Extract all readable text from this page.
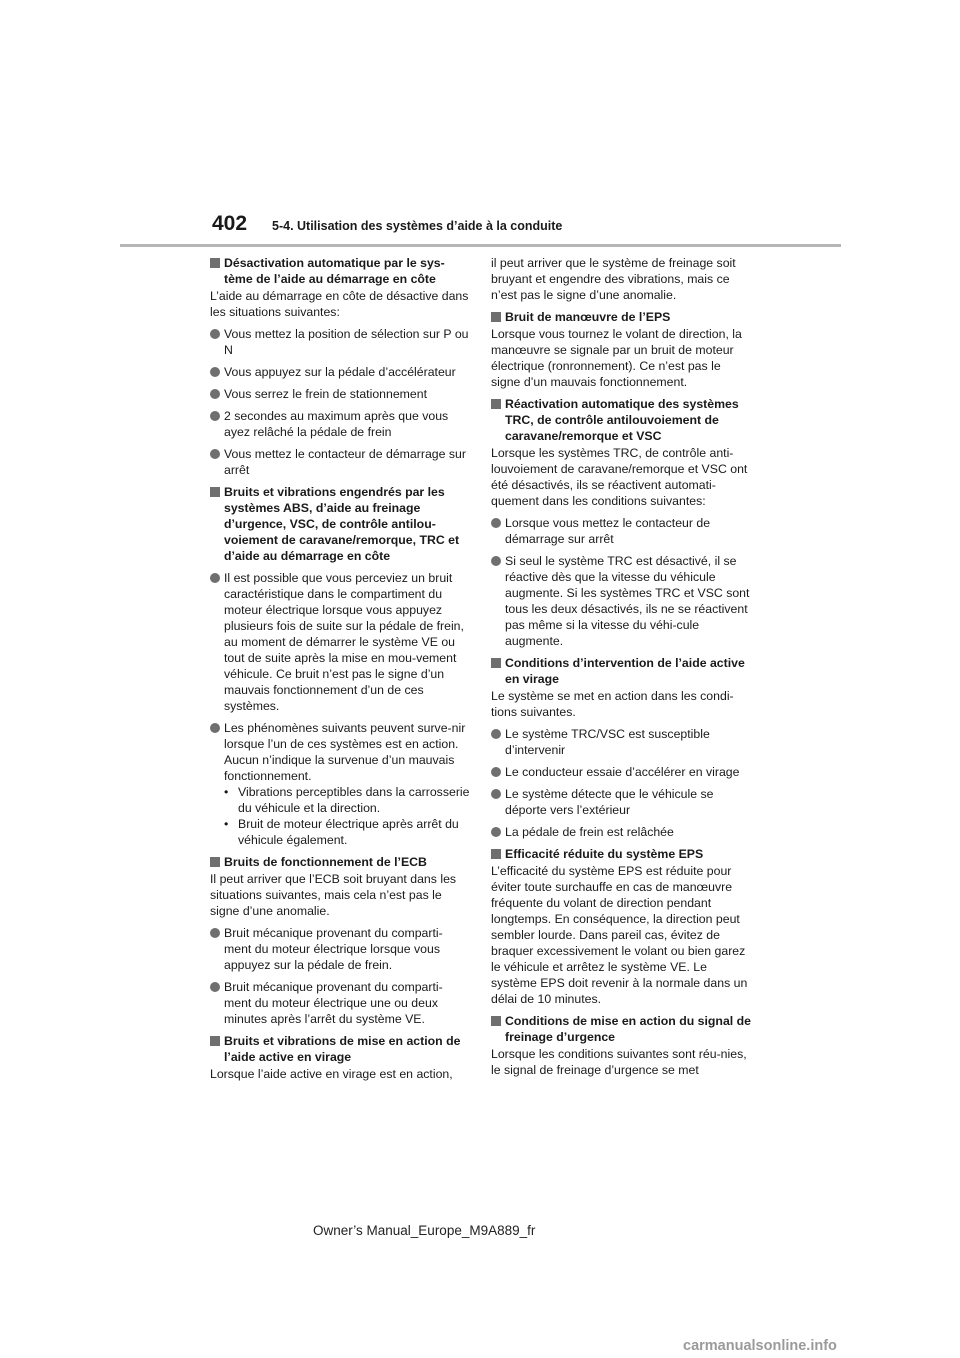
402 5-4. Utilisation des systèmes d’aide à la conduite
Désactivation automatique par le sys-tème de l’aide au démarrage en côte

L’aide au démarrage en côte de désactive dans les situations suivantes:

Vous mettez la position de sélection sur P ou N
Vous appuyez sur la pédale d’accélérateur
Vous serrez le frein de stationnement
2 secondes au maximum après que vous ayez relâché la pédale de frein
Vous mettez le contacteur de démarrage sur arrêt
Bruits et vibrations engendrés par les systèmes ABS, d’aide au freinage d’urgence, VSC, de contrôle antilou-voiement de caravane/remorque, TRC et d’aide au démarrage en côte
Il est possible que vous perceviez un bruit caractéristique dans le compartiment du moteur électrique lorsque vous appuyez plusieurs fois de suite sur la pédale de frein, au moment de démarrer le système VE ou tout de suite après la mise en mou-vement véhicule. Ce bruit n’est pas le signe d’un mauvais fonctionnement d’un de ces systèmes.
Les phénomènes suivants peuvent surve-nir lorsque l’un de ces systèmes est en action. Aucun n’indique la survenue d’un mauvais fonctionnement.
• Vibrations perceptibles dans la carrosserie du véhicule et la direction.
• Bruit de moteur électrique après arrêt du véhicule également.
Bruits de fonctionnement de l’ECB

Il peut arriver que l’ECB soit bruyant dans les situations suivantes, mais cela n’est pas le signe d’une anomalie.

Bruit mécanique provenant du comparti-ment du moteur électrique lorsque vous appuyez sur la pédale de frein.
Bruit mécanique provenant du comparti-ment du moteur électrique une ou deux minutes après l’arrêt du système VE.
Bruits et vibrations de mise en action de l’aide active en virage

Lorsque l’aide active en virage est en action,

il peut arriver que le système de freinage soit bruyant et engendre des vibrations, mais ce n’est pas le signe d’une anomalie.

Bruit de manœuvre de l’EPS

Lorsque vous tournez le volant de direction, la manœuvre se signale par un bruit de moteur électrique (ronronnement). Ce n’est pas le signe d’un mauvais fonctionnement.

Réactivation automatique des systèmes TRC, de contrôle antilouvoiement de caravane/remorque et VSC

Lorsque les systèmes TRC, de contrôle anti-louvoiement de caravane/remorque et VSC ont été désactivés, ils se réactivent automati-quement dans les conditions suivantes:

Lorsque vous mettez le contacteur de démarrage sur arrêt
Si seul le système TRC est désactivé, il se réactive dès que la vitesse du véhicule augmente. Si les systèmes TRC et VSC sont tous les deux désactivés, ils ne se réactivent pas même si la vitesse du véhi-cule augmente.
Conditions d’intervention de l’aide active en virage

Le système se met en action dans les condi-tions suivantes.

Le système TRC/VSC est susceptible d’intervenir
Le conducteur essaie d’accélérer en virage
Le système détecte que le véhicule se déporte vers l’extérieur
La pédale de frein est relâchée
Efficacité réduite du système EPS

L’efficacité du système EPS est réduite pour éviter toute surchauffe en cas de manœuvre fréquente du volant de direction pendant longtemps. En conséquence, la direction peut sembler lourde. Dans pareil cas, évitez de braquer excessivement le volant ou bien garez le véhicule et arrêtez le système VE. Le système EPS doit revenir à la normale dans un délai de 10 minutes.

Conditions de mise en action du signal de freinage d’urgence

Lorsque les conditions suivantes sont réu-nies, le signal de freinage d’urgence se met

Owner’s Manual_Europe_M9A889_fr
carmanualsonline.info
